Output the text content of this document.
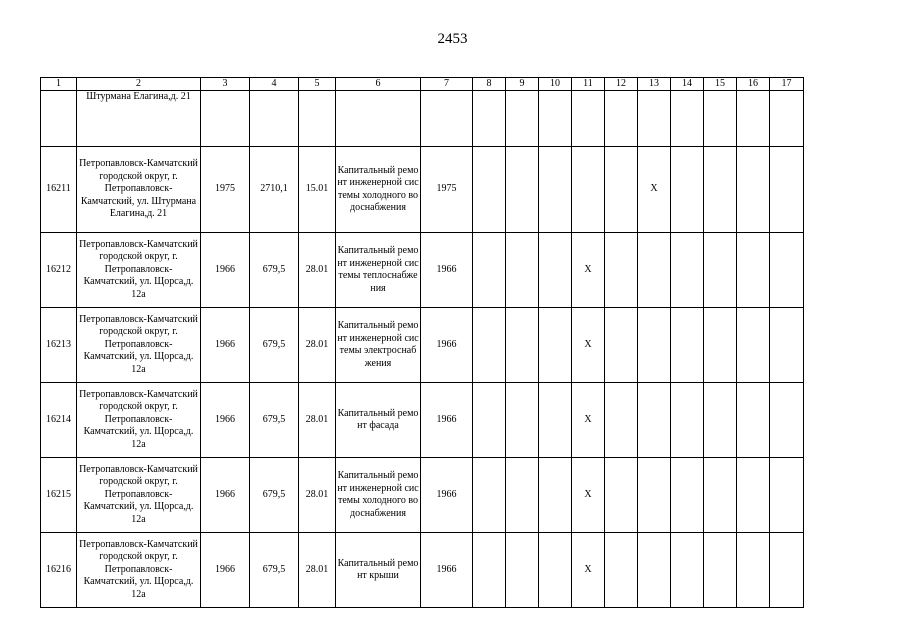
2453
1	2	3	4	5	6	7	8	9	10	11	12	13	14	15	16	17
	Штурмана Елагина,д. 21															
16211	Петропавловск-Камчатский городской округ, г. Петропавловск-Камчатский, ул. Штурмана Елагина,д. 21	1975	2710,1	15.01	Капитальный ремонт инженерной системы холодного водоснабжения	1975						X				
16212	Петропавловск-Камчатский городской округ, г. Петропавловск-Камчатский, ул. Щорса,д. 12а	1966	679,5	28.01	Капитальный ремонт инженерной системы теплоснабжения	1966				X						
16213	Петропавловск-Камчатский городской округ, г. Петропавловск-Камчатский, ул. Щорса,д. 12а	1966	679,5	28.01	Капитальный ремонт инженерной системы электроснабжения	1966				X						
16214	Петропавловск-Камчатский городской округ, г. Петропавловск-Камчатский, ул. Щорса,д. 12а	1966	679,5	28.01	Капитальный ремонт фасада	1966				X						
16215	Петропавловск-Камчатский городской округ, г. Петропавловск-Камчатский, ул. Щорса,д. 12а	1966	679,5	28.01	Капитальный ремонт инженерной системы холодного водоснабжения	1966				X						
16216	Петропавловск-Камчатский городской округ, г. Петропавловск-Камчатский, ул. Щорса,д. 12а	1966	679,5	28.01	Капитальный ремонт крыши	1966				X						
